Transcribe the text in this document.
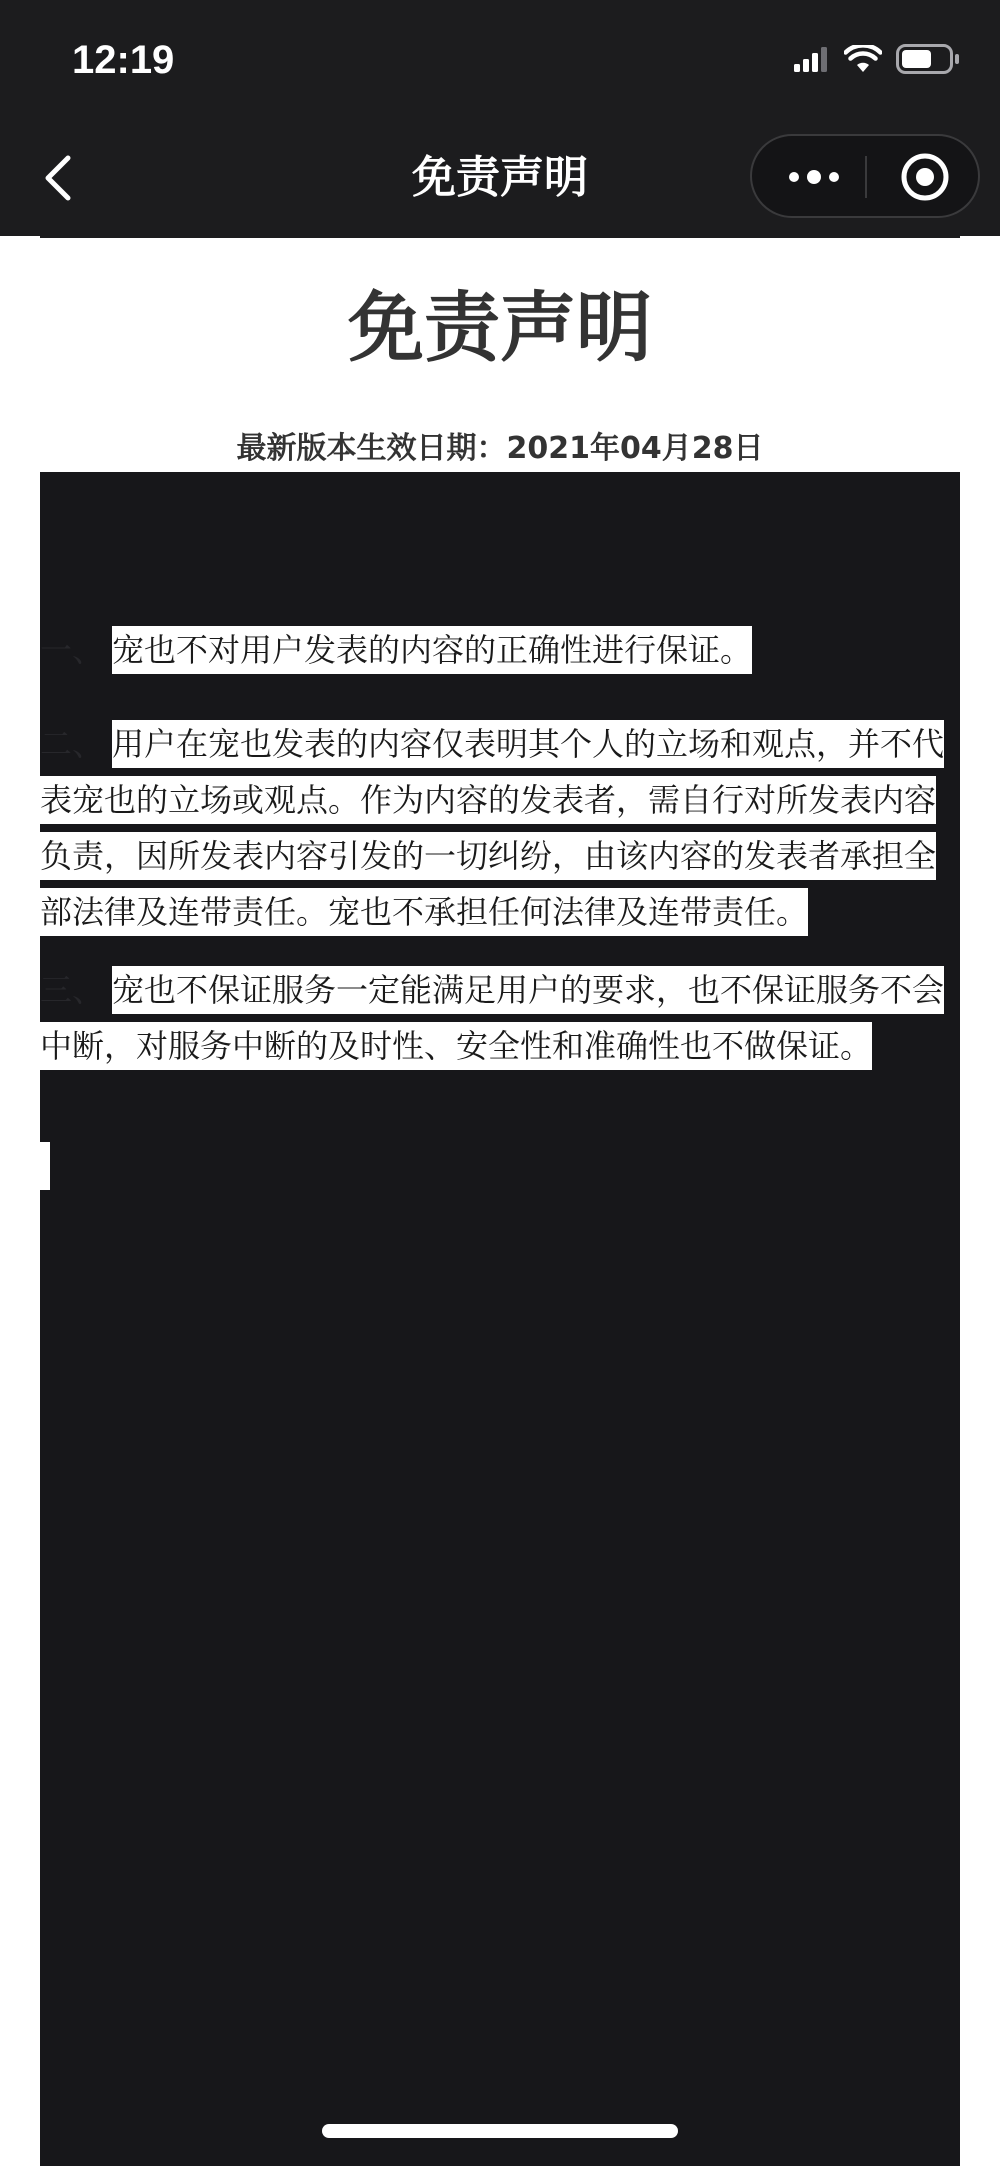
12:19
免责声明
免责声明
最新版本生效日期：2021年04月28日

一、 宠也不对用户发表的内容的正确性进行保证。

二、 用户在宠也发表的内容仅表明其个人的立场和观点，并不代表宠也的立场或观点。作为内容的发表者，需自行对所发表内容负责，因所发表内容引发的一切纠纷，由该内容的发表者承担全部法律及连带责任。宠也不承担任何法律及连带责任。

三、 宠也不保证服务一定能满足用户的要求，也不保证服务不会中断，对服务中断的及时性、安全性和准确性也不做保证。
